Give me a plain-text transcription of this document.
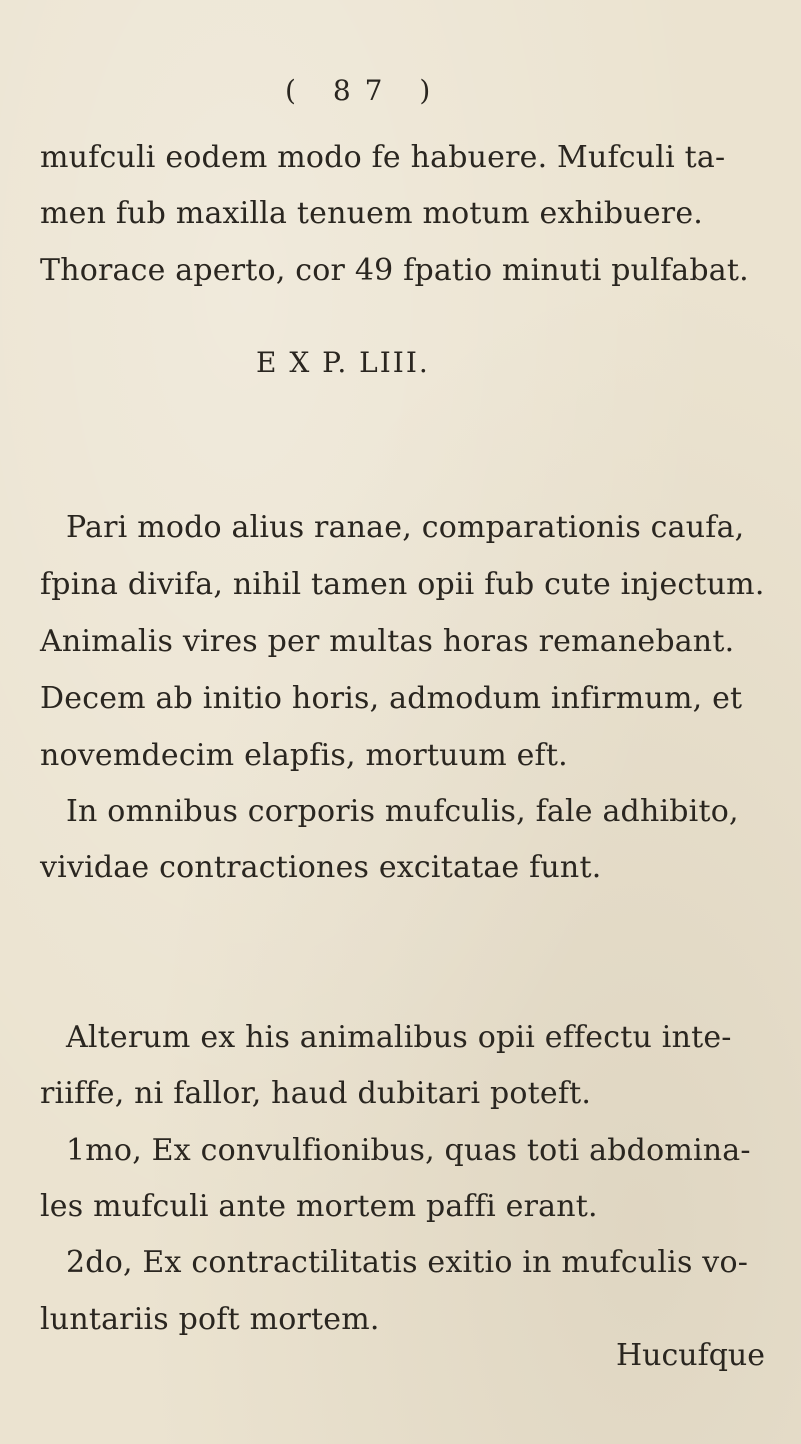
( 87 )
mufculi eodem modo fe habuere. Mufculi ta-
men fub maxilla tenuem motum exhibuere.
Thorace aperto, cor 49 fpatio minuti pulfabat.
E X P. LIII.
Pari modo alius ranae, comparationis caufa,
fpina divifa, nihil tamen opii fub cute injectum.
Animalis vires per multas horas remanebant.
Decem ab initio horis, admodum infirmum, et
novemdecim elapfis, mortuum eft.
In omnibus corporis mufculis, fale adhibito,
vividae contractiones excitatae funt.
Alterum ex his animalibus opii effectu inte-
riiffe, ni fallor, haud dubitari poteft.
1mo, Ex convulfionibus, quas toti abdomina-
les mufculi ante mortem paffi erant.
2do, Ex contractilitatis exitio in mufculis vo-
luntariis poft mortem.
Hucufque
